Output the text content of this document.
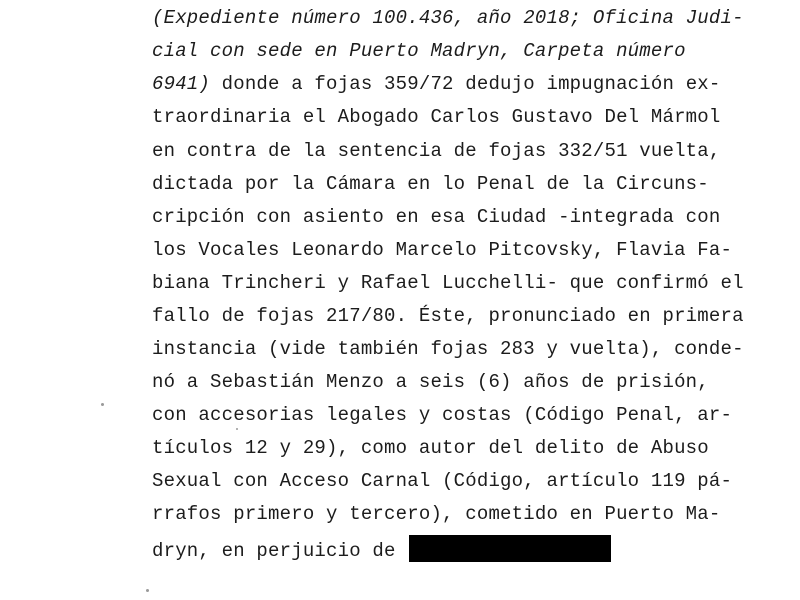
(Expediente número 100.436, año 2018; Oficina Judi-
cial con sede en Puerto Madryn, Carpeta número
6941) donde a fojas 359/72 dedujo impugnación ex-
traordinaria el Abogado Carlos Gustavo Del Mármol
en contra de la sentencia de fojas 332/51 vuelta,
dictada por la Cámara en lo Penal de la Circuns-
cripción con asiento en esa Ciudad -integrada con
los Vocales Leonardo Marcelo Pitcovsky, Flavia Fa-
biana Trincheri y Rafael Lucchelli- que confirmó el
fallo de fojas 217/80. Éste, pronunciado en primera
instancia (vide también fojas 283 y vuelta), conde-
nó a Sebastián Menzo a seis (6) años de prisión,
con accesorias legales y costas (Código Penal, ar-
tículos 12 y 29), como autor del delito de Abuso
Sexual con Acceso Carnal (Código, artículo 119 pá-
rrafos primero y tercero), cometido en Puerto Ma-
dryn, en perjuicio de
